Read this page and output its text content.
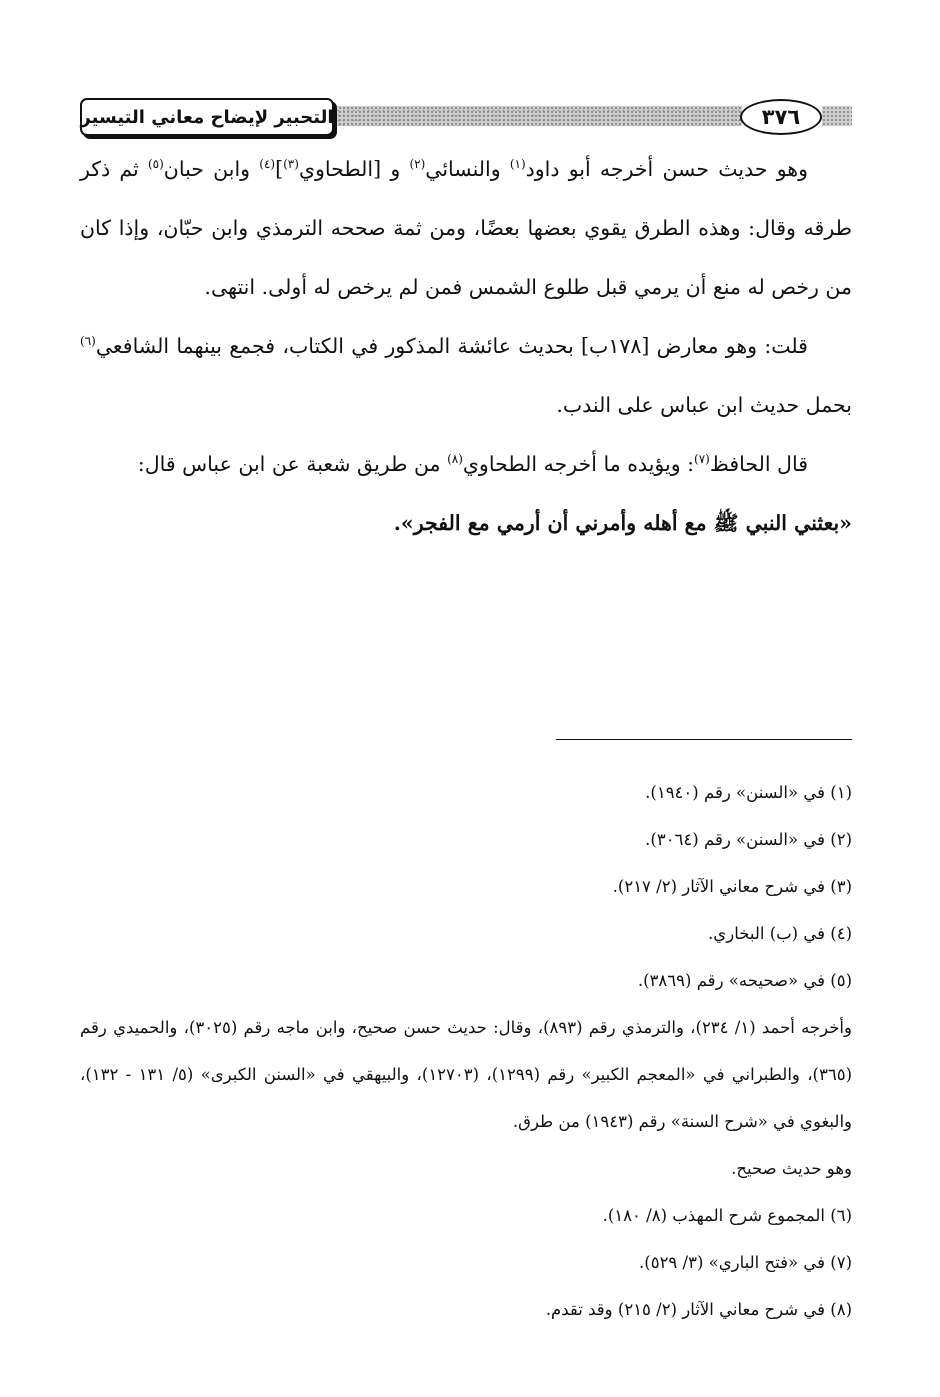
التحبير لإيضاح معاني التيسير	٣٧٦

وهو حديث حسن أخرجه أبو داود$^{(١)}$ والنسائي$^{(٢)}$ و [الطحاوي$^{(٣)}$]$^{(٤)}$ وابن حبان$^{(٥)}$ ثم ذكر طرقه وقال: وهذه الطرق يقوي بعضها بعضًا، ومن ثمة صححه الترمذي وابن حبّان، وإذا كان من رخص له منع أن يرمي قبل طلوع الشمس فمن لم يرخص له أولى. انتهى.

قلت: وهو معارض [١٧٨ب] بحديث عائشة المذكور في الكتاب، فجمع بينهما الشافعي$^{(٦)}$ بحمل حديث ابن عباس على الندب.

قال الحافظ$^{(٧)}$: ويؤيده ما أخرجه الطحاوي$^{(٨)}$ من طريق شعبة عن ابن عباس قال:

«بعثني النبي ﷺ مع أهله وأمرني أن أرمي مع الفجر».

(١) في «السنن» رقم (١٩٤٠).

(٢) في «السنن» رقم (٣٠٦٤).

(٣) في شرح معاني الآثار (٢/ ٢١٧).

(٤) في (ب) البخاري.

(٥) في «صحيحه» رقم (٣٨٦٩).

وأخرجه أحمد (١/ ٢٣٤)، والترمذي رقم (٨٩٣)، وقال: حديث حسن صحيح، وابن ماجه رقم (٣٠٢٥)، والحميدي رقم (٣٦٥)، والطبراني في «المعجم الكبير» رقم (١٢٩٩)، (١٢٧٠٣)، والبيهقي في «السنن الكبرى» (٥/ ١٣١ - ١٣٢)، والبغوي في «شرح السنة» رقم (١٩٤٣) من طرق.

وهو حديث صحيح.

(٦) المجموع شرح المهذب (٨/ ١٨٠).

(٧) في «فتح الباري» (٣/ ٥٢٩).

(٨) في شرح معاني الآثار (٢/ ٢١٥) وقد تقدم.
